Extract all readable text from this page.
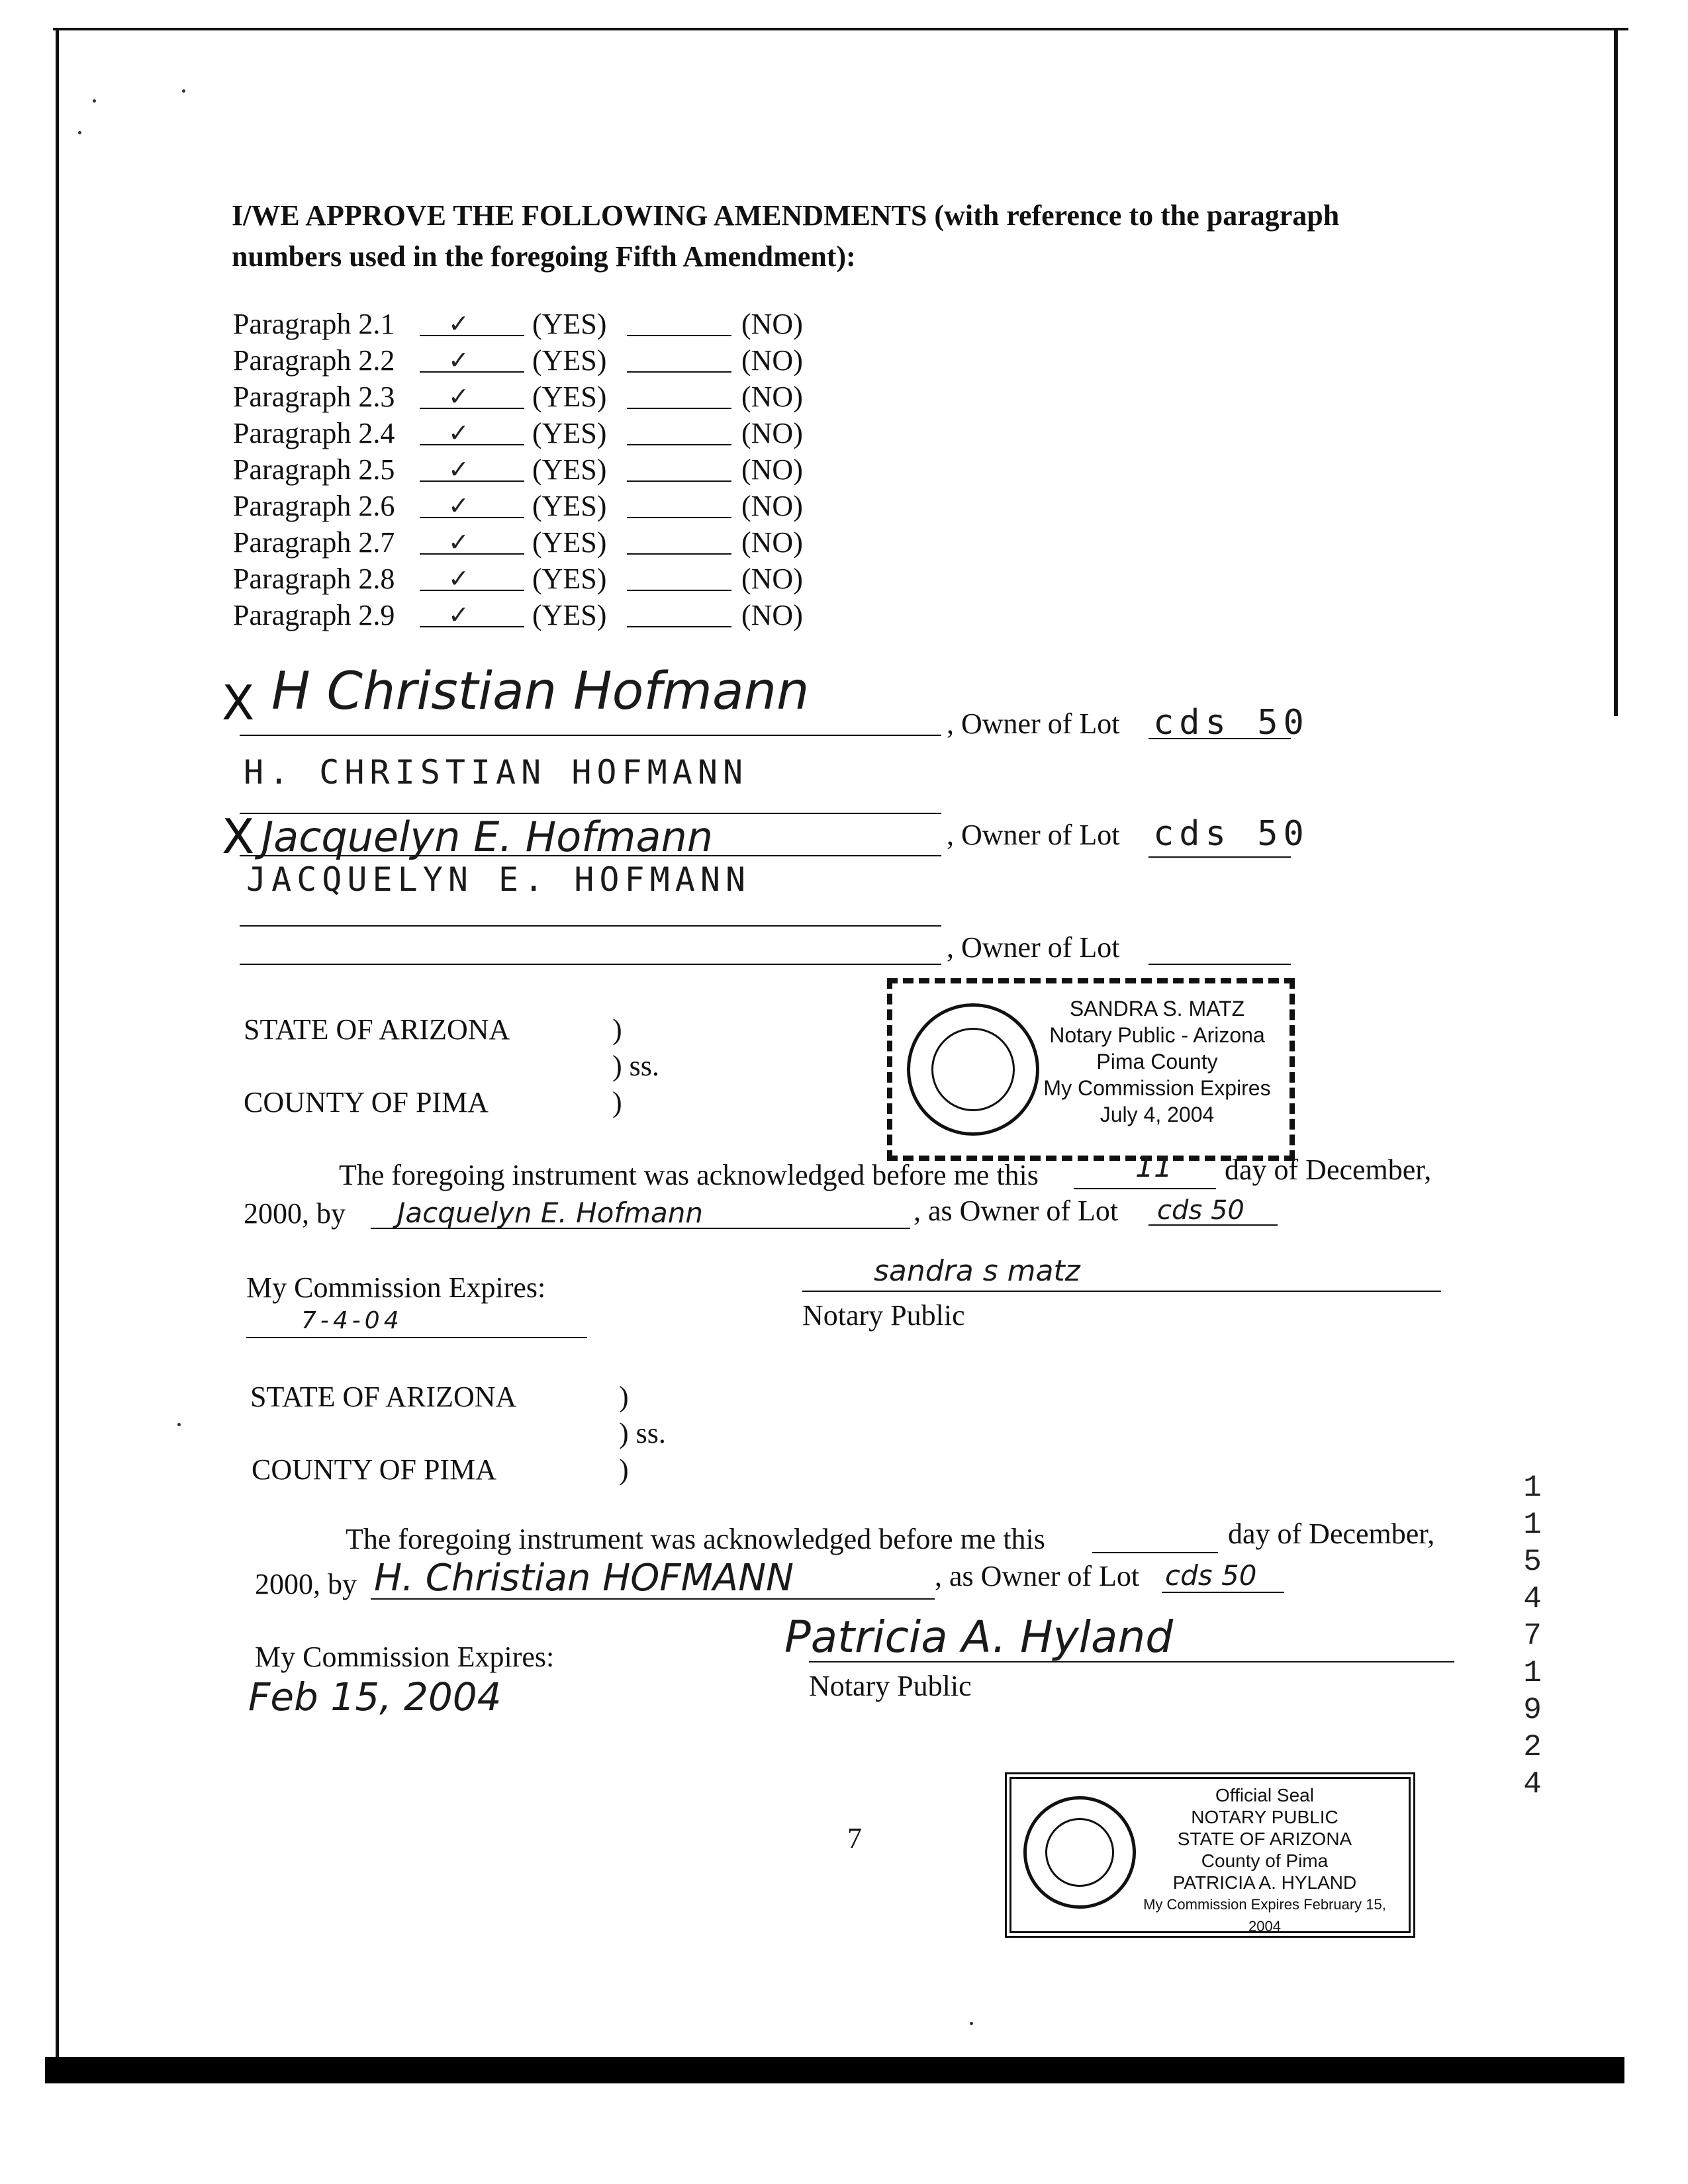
I/WE APPROVE THE FOLLOWING AMENDMENTS (with reference to the paragraph numbers used in the foregoing Fifth Amendment):
Paragraph 2.1 ✓ (YES)	(NO)
Paragraph 2.2 ✓ (YES)	(NO)
Paragraph 2.3 ✓ (YES)	(NO)
Paragraph 2.4 ✓ (YES)	(NO)
Paragraph 2.5 ✓ (YES)	(NO)
Paragraph 2.6 ✓ (YES)	(NO)
Paragraph 2.7 ✓ (YES)	(NO)
Paragraph 2.8 ✓ (YES)	(NO)
Paragraph 2.9 ✓ (YES)	(NO)
X H Christian Hofmann
, Owner of Lot cds 50
H. CHRISTIAN HOFMANN
X Jacquelyn E. Hofmann	, Owner of Lot cds 50
JACQUELYN E. HOFMANN
, Owner of Lot
STATE OF ARIZONA	)
) ss.
COUNTY OF PIMA	)
SANDRA S. MATZ
Notary Public - Arizona
Pima County
My Commission Expires
July 4, 2004
The foregoing instrument was acknowledged before me this	11 day of December,
2000, by Jacquelyn E. Hofmann	, as Owner of Lot cds 50
My Commission Expires:
7-4-04
sandra s matz
Notary Public
STATE OF ARIZONA	)
) ss.
COUNTY OF PIMA	)
The foregoing instrument was acknowledged before me this	day of December,
2000, by H. Christian HOFMANN	, as Owner of Lot cds 50
My Commission Expires:
Feb 15, 2004
Patricia A. Hyland
Notary Public
7
Official Seal
NOTARY PUBLIC
STATE OF ARIZONA
County of Pima
PATRICIA A. HYLAND
My Commission Expires February 15, 2004
11547 1924
